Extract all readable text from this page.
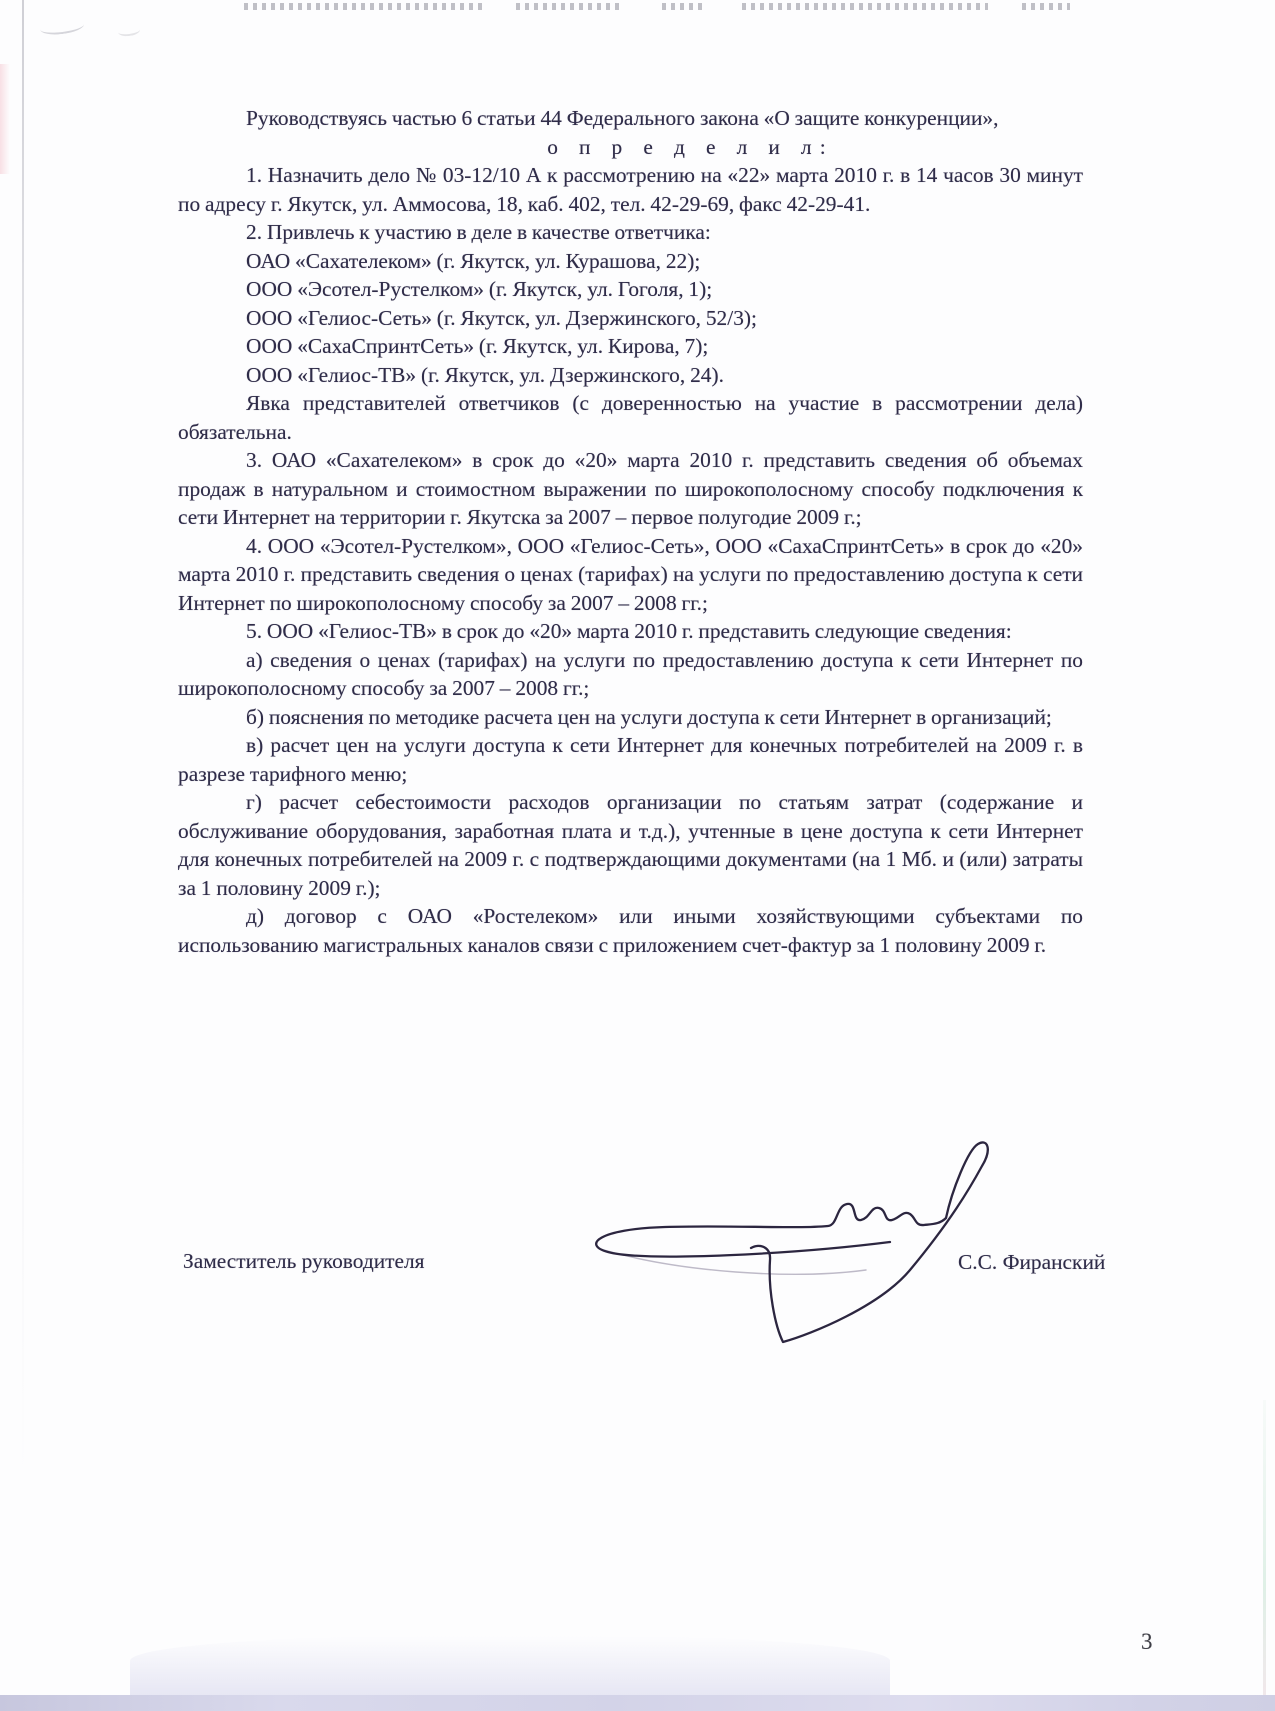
Руководствуясь частью 6 статьи 44 Федерального закона «О защите конкуренции»,

о п р е д е л и л:

1. Назначить дело № 03-12/10 А к рассмотрению на «22» марта 2010 г. в 14 часов 30 минут по адресу г. Якутск, ул. Аммосова, 18, каб. 402, тел. 42-29-69, факс 42-29-41.

2. Привлечь к участию в деле в качестве ответчика:

ОАО «Сахателеком» (г. Якутск, ул. Курашова, 22);

ООО «Эсотел-Рустелком» (г. Якутск, ул. Гоголя, 1);

ООО «Гелиос-Сеть» (г. Якутск, ул. Дзержинского, 52/3);

ООО «СахаСпринтСеть» (г. Якутск, ул. Кирова, 7);

ООО «Гелиос-ТВ» (г. Якутск, ул. Дзержинского, 24).

Явка представителей ответчиков (с доверенностью на участие в рассмотрении дела) обязательна.

3. ОАО «Сахателеком» в срок до «20» марта 2010 г. представить сведения об объемах продаж в натуральном и стоимостном выражении по широкополосному способу подключения к сети Интернет на территории г. Якутска за 2007 – первое полугодие 2009 г.;

4. ООО «Эсотел-Рустелком», ООО «Гелиос-Сеть», ООО «СахаСпринтСеть» в срок до «20» марта 2010 г. представить сведения о ценах (тарифах) на услуги по предоставлению доступа к сети Интернет по широкополосному способу за 2007 – 2008 гг.;

5. ООО «Гелиос-ТВ» в срок до «20» марта 2010 г. представить следующие сведения:

а) сведения о ценах (тарифах) на услуги по предоставлению доступа к сети Интернет по широкополосному способу за 2007 – 2008 гг.;

б) пояснения по методике расчета цен на услуги доступа к сети Интернет в организаций;

в) расчет цен на услуги доступа к сети Интернет для конечных потребителей на 2009 г. в разрезе тарифного меню;

г) расчет себестоимости расходов организации по статьям затрат (содержание и обслуживание оборудования, заработная плата и т.д.), учтенные в цене доступа к сети Интернет для конечных потребителей на 2009 г. с подтверждающими документами (на 1 Мб. и (или) затраты за 1 половину 2009 г.);

д) договор с ОАО «Ростелеком» или иными хозяйствующими субъектами по использованию магистральных каналов связи с приложением счет-фактур за 1 половину 2009 г.

Заместитель руководителя	С.С. Фиранский
3
